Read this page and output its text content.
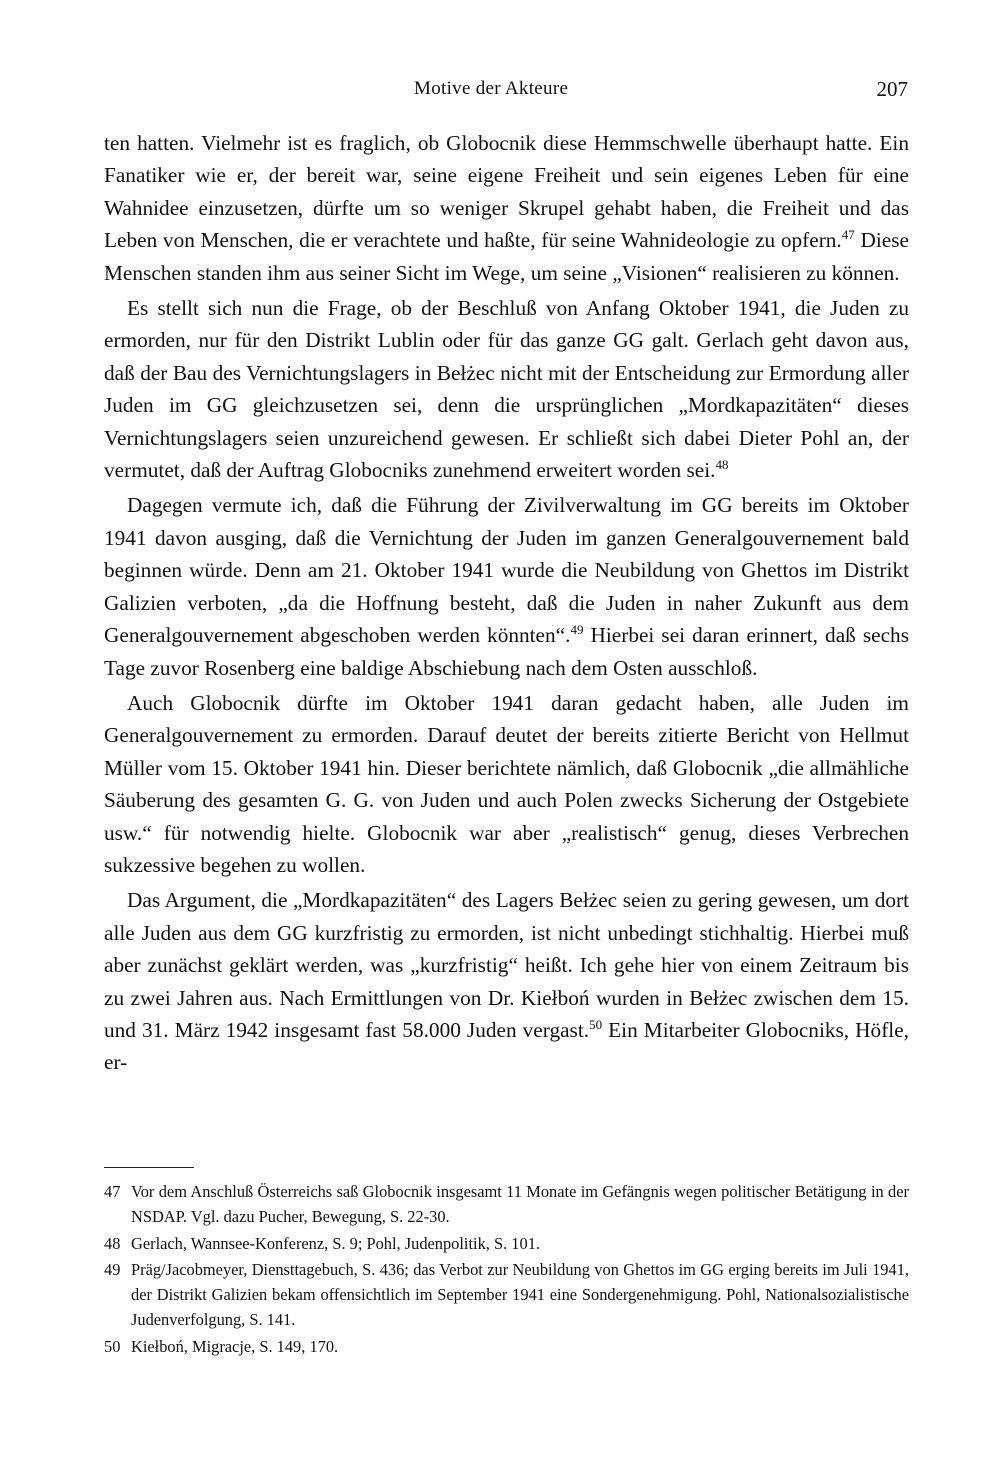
Motive der Akteure	207

ten hatten. Vielmehr ist es fraglich, ob Globocnik diese Hemmschwelle überhaupt hatte. Ein Fanatiker wie er, der bereit war, seine eigene Freiheit und sein eigenes Leben für eine Wahnidee einzusetzen, dürfte um so weniger Skrupel gehabt haben, die Freiheit und das Leben von Menschen, die er verachtete und haßte, für seine Wahnideologie zu opfern.$^{47}$ Diese Menschen standen ihm aus seiner Sicht im Wege, um seine „Visionen“ realisieren zu können.

Es stellt sich nun die Frage, ob der Beschluß von Anfang Oktober 1941, die Juden zu ermorden, nur für den Distrikt Lublin oder für das ganze GG galt. Gerlach geht davon aus, daß der Bau des Vernichtungslagers in Bełżec nicht mit der Entscheidung zur Ermordung aller Juden im GG gleichzusetzen sei, denn die ursprünglichen „Mordkapazitäten“ dieses Vernichtungslagers seien unzureichend gewesen. Er schließt sich dabei Dieter Pohl an, der vermutet, daß der Auftrag Globocniks zunehmend erweitert worden sei.$^{48}$

Dagegen vermute ich, daß die Führung der Zivilverwaltung im GG bereits im Oktober 1941 davon ausging, daß die Vernichtung der Juden im ganzen Generalgouvernement bald beginnen würde. Denn am 21. Oktober 1941 wurde die Neubildung von Ghettos im Distrikt Galizien verboten, „da die Hoffnung besteht, daß die Juden in naher Zukunft aus dem Generalgouvernement abgeschoben werden könnten“.$^{49}$ Hierbei sei daran erinnert, daß sechs Tage zuvor Rosenberg eine baldige Abschiebung nach dem Osten ausschloß.

Auch Globocnik dürfte im Oktober 1941 daran gedacht haben, alle Juden im Generalgouvernement zu ermorden. Darauf deutet der bereits zitierte Bericht von Hellmut Müller vom 15. Oktober 1941 hin. Dieser berichtete nämlich, daß Globocnik „die allmähliche Säuberung des gesamten G. G. von Juden und auch Polen zwecks Sicherung der Ostgebiete usw.“ für notwendig hielte. Globocnik war aber „realistisch“ genug, dieses Verbrechen sukzessive begehen zu wollen.

Das Argument, die „Mordkapazitäten“ des Lagers Bełżec seien zu gering gewesen, um dort alle Juden aus dem GG kurzfristig zu ermorden, ist nicht unbedingt stichhaltig. Hierbei muß aber zunächst geklärt werden, was „kurzfristig“ heißt. Ich gehe hier von einem Zeitraum bis zu zwei Jahren aus. Nach Ermittlungen von Dr. Kiełboń wurden in Bełżec zwischen dem 15. und 31. März 1942 insgesamt fast 58.000 Juden vergast.$^{50}$ Ein Mitarbeiter Globocniks, Höfle, er-

47 Vor dem Anschluß Österreichs saß Globocnik insgesamt 11 Monate im Gefängnis wegen politischer Betätigung in der NSDAP. Vgl. dazu Pucher, Bewegung, S. 22-30.
48 Gerlach, Wannsee-Konferenz, S. 9; Pohl, Judenpolitik, S. 101.
49 Präg/Jacobmeyer, Diensttagebuch, S. 436; das Verbot zur Neubildung von Ghettos im GG erging bereits im Juli 1941, der Distrikt Galizien bekam offensichtlich im September 1941 eine Sondergenehmigung. Pohl, Nationalsozialistische Judenverfolgung, S. 141.
50 Kiełboń, Migracje, S. 149, 170.
